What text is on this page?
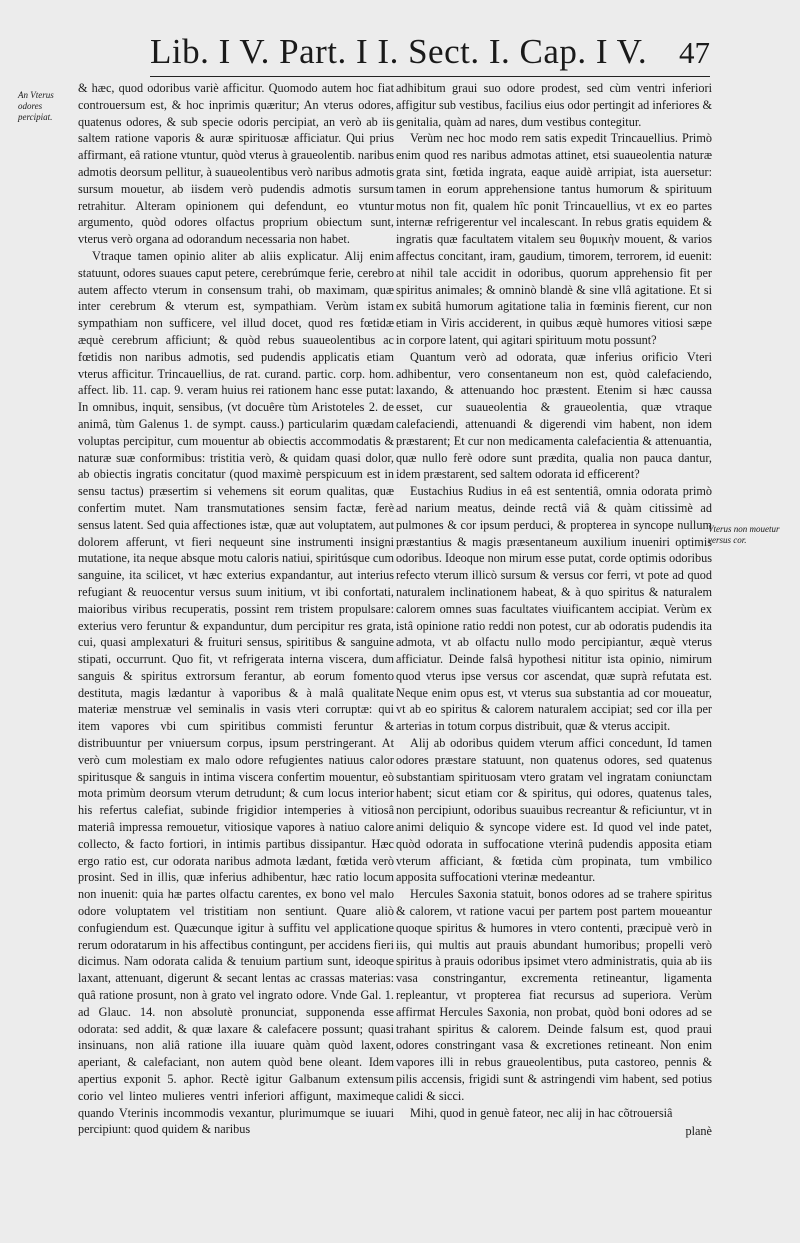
Lib. I V. Part. I I. Sect. I. Cap. I V. 47
An Vterus odores percipiat.
Vterus non mouetur versus cor.

& hæc, quod odoribus variè afficitur. Quomodo autem hoc fiat controuersum est, & hoc inprimis quæritur; An vterus odores, quatenus odores, & sub specie odoris percipiat, an verò ab iis saltem ratione vaporis & auræ spirituosæ afficiatur. Qui prius affirmant, eâ ratione vtuntur, quòd vterus à graueolentib. naribus admotis deorsum pellitur, à suaueolentibus verò naribus admotis sursum mouetur, ab iisdem verò pudendis admotis sursum retrahitur. Alteram opinionem qui defendunt, eo vtuntur argumento, quòd odores olfactus proprium obiectum sunt, vterus verò organa ad odorandum necessaria non habet.

Vtraque tamen opinio aliter ab aliis explicatur. Alij enim statuunt, odores suaues caput petere, cerebrúmque ferie, cerebro autem affecto vterum in consensum trahi, ob maximam, quæ inter cerebrum & vterum est, sympathiam. Verùm istam sympathiam non sufficere, vel illud docet, quod res fœtidæ æquè cerebrum afficiunt; & quòd rebus suaueolentibus ac fœtidis non naribus admotis, sed pudendis applicatis etiam vterus afficitur. Trincauellius, de rat. curand. partic. corp. hom. affect. lib. 11. cap. 9. veram huius rei rationem hanc esse putat: In omnibus, inquit, sensibus, (vt docuêre tùm Aristoteles 2. de animâ, tùm Galenus 1. de sympt. causs.) particularim quædam voluptas percipitur, cum mouentur ab obiectis accommodatis & naturæ suæ conformibus: tristitia verò, & quidam quasi dolor, ab obiectis ingratis concitatur (quod maximè perspicuum est in sensu tactus) præsertim si vehemens sit eorum qualitas, quæ confertim mutet. Nam transmutationes sensim factæ, ferè sensus latent. Sed quia affectiones istæ, quæ aut voluptatem, aut dolorem afferunt, vt fieri nequeunt sine instrumenti insigni mutatione, ita neque absque motu caloris natiui, spiritúsque cum sanguine, ita scilicet, vt hæc exterius expandantur, aut interius refugiant & reuocentur versus suum initium, vt ibi confortati, maioribus viribus recuperatis, possint rem tristem propulsare: exterius vero feruntur & expanduntur, dum percipitur res grata, cui, quasi amplexaturi & fruituri sensus, spiritibus & sanguine stipati, occurrunt. Quo fit, vt refrigerata interna viscera, dum sanguis & spiritus extrorsum ferantur, ab eorum fomento destituta, magis lædantur à vaporibus & à malâ qualitate materiæ menstruæ vel seminalis in vasis vteri corruptæ: qui item vapores vbi cum spiritibus commisti feruntur & distribuuntur per vniuersum corpus, ipsum perstringerant. At verò cum molestiam ex malo odore refugientes natiuus calor spiritusque & sanguis in intima viscera confertim mouentur, eò mota primùm deorsum vterum detrudunt; & cum locus interior his refertus calefiat, subinde frigidior intemperies à vitiosâ materiâ impressa remouetur, vitiosique vapores à natiuo calore collecto, & facto fortiori, in intimis partibus dissipantur. Hæc ergo ratio est, cur odorata naribus admota lædant, fœtida verò prosint. Sed in illis, quæ inferius adhibentur, hæc ratio locum non inuenit: quia hæ partes olfactu carentes, ex bono vel malo odore voluptatem vel tristitiam non sentiunt. Quare aliò confugiendum est. Quæcunque igitur à suffitu vel applicatione rerum odoratarum in his affectibus contingunt, per accidens fieri dicimus. Nam odorata calida & tenuium partium sunt, ideoque laxant, attenuant, digerunt & secant lentas ac crassas materias: quâ ratione prosunt, non à grato vel ingrato odore. Vnde Gal. 1. ad Glauc. 14. non absolutè pronunciat, supponenda esse odorata: sed addit, & quæ laxare & calefacere possunt; quasi insinuans, non aliâ ratione illa iuuare quàm quòd laxent, aperiant, & calefaciant, non autem quòd bene oleant. Idem apertius exponit 5. aphor. Rectè igitur Galbanum extensum corio vel linteo mulieres ventri inferiori affigunt, maximeque quando Vterinis incommodis vexantur, plurimumque se iuuari percipiunt: quod quidem & naribus

adhibitum graui suo odore prodest, sed cùm ventri inferiori affigitur sub vestibus, facilius eius odor pertingit ad inferiores & genitalia, quàm ad nares, dum vestibus contegitur.

Verùm nec hoc modo rem satis expedit Trincauellius. Primò enim quod res naribus admotas attinet, etsi suaueolentia naturæ grata sint, fœtida ingrata, eaque auidè arripiat, ista auersetur: tamen in eorum apprehensione tantus humorum & spirituum motus non fit, qualem hîc ponit Trincauellius, vt ex eo partes internæ refrigerentur vel incalescant. In rebus gratis equidem & ingratis quæ facultatem vitalem seu θυμικὴν mouent, & varios affectus concitant, iram, gaudium, timorem, terrorem, id euenit: at nihil tale accidit in odoribus, quorum apprehensio fit per spiritus animales; & omninò blandè & sine vllâ agitatione. Et si ex subitâ humorum agitatione talia in fœminis fierent, cur non etiam in Viris acciderent, in quibus æquè humores vitiosi sæpe in corpore latent, qui agitari spirituum motu possunt?

Quantum verò ad odorata, quæ inferius orificio Vteri adhibentur, vero consentaneum non est, quòd calefaciendo, laxando, & attenuando hoc præstent. Etenim si hæc caussa esset, cur suaueolentia & graueolentia, quæ vtraque calefaciendi, attenuandi & digerendi vim habent, non idem præstarent; Et cur non medicamenta calefacientia & attenuantia, quæ nullo ferè odore sunt prædita, qualia non pauca dantur, idem præstarent, sed saltem odorata id efficerent?

Eustachius Rudius in eâ est sententiâ, omnia odorata primò ad narium meatus, deinde rectâ viâ & quàm citissimè ad pulmones & cor ipsum perduci, & propterea in syncope nullum præstantius & magis præsentaneum auxilium inueniri optimis odoribus. Ideoque non mirum esse putat, corde optimis odoribus refecto vterum illicò sursum & versus cor ferri, vt pote ad quod naturalem inclinationem habeat, & à quo spiritus & naturalem calorem omnes suas facultates viuificantem accipiat. Verùm ex istâ opinione ratio reddi non potest, cur ab odoratis pudendis ita admota, vt ab olfactu nullo modo percipiantur, æquè vterus afficiatur. Deinde falsâ hypothesi nititur ista opinio, nimirum quod vterus ipse versus cor ascendat, quæ suprà refutata est. Neque enim opus est, vt vterus sua substantia ad cor moueatur, vt ab eo spiritus & calorem naturalem accipiat; sed cor illa per arterias in totum corpus distribuit, quæ & vterus accipit.

Alij ab odoribus quidem vterum affici concedunt, Id tamen odores præstare statuunt, non quatenus odores, sed quatenus substantiam spirituosam vtero gratam vel ingratam coniunctam habent; sicut etiam cor & spiritus, qui odores, quatenus tales, non percipiunt, odoribus suauibus recreantur & reficiuntur, vt in animi deliquio & syncope videre est. Id quod vel inde patet, quòd odorata in suffocatione vterinâ pudendis apposita etiam vterum afficiant, & fœtida cùm propinata, tum vmbilico apposita suffocationi vterinæ medeantur.

Hercules Saxonia statuit, bonos odores ad se trahere spiritus & calorem, vt ratione vacui per partem post partem moueantur quoque spiritus & humores in vtero contenti, præcipuè verò in iis, qui multis aut prauis abundant humoribus; propelli verò spiritus à prauis odoribus ipsimet vtero administratis, quia ab iis vasa constringantur, excrementa retineantur, ligamenta repleantur, vt propterea fiat recursus ad superiora. Verùm affirmat Hercules Saxonia, non probat, quòd boni odores ad se trahant spiritus & calorem. Deinde falsum est, quod praui odores constringant vasa & excretiones retineant. Non enim vapores illi in rebus graueolentibus, puta castoreo, pennis & pilis accensis, frigidi sunt & astringendi vim habent, sed potius calidi & sicci.

Mihi, quod in genuè fateor, nec alij in hac cõtrouersiâ

planè
